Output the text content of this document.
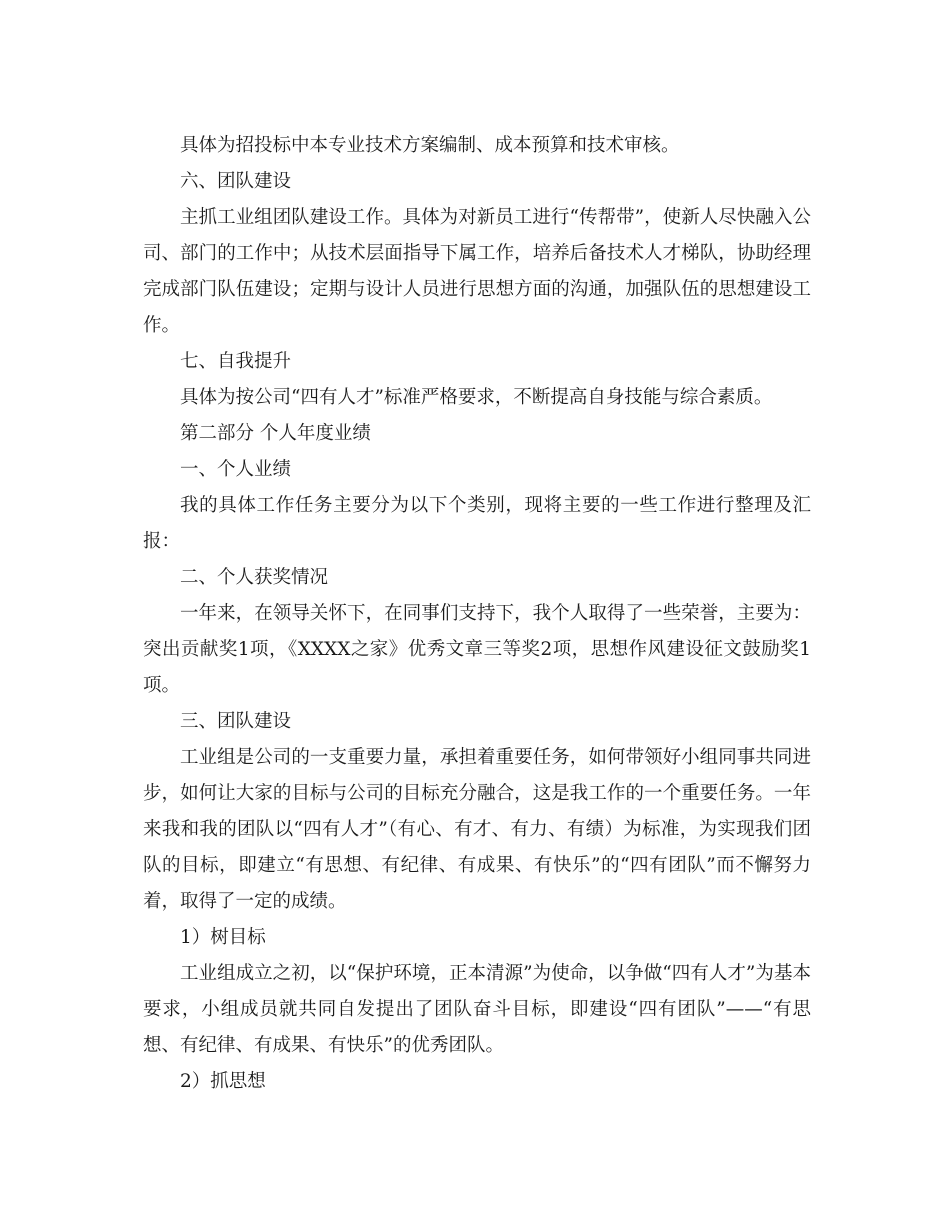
具体为招投标中本专业技术方案编制、成本预算和技术审核。

六、团队建设

主抓工业组团队建设工作。具体为对新员工进行“传帮带”，使新人尽快融入公司、部门的工作中；从技术层面指导下属工作，培养后备技术人才梯队，协助经理完成部门队伍建设；定期与设计人员进行思想方面的沟通，加强队伍的思想建设工作。

七、自我提升

具体为按公司“四有人才”标准严格要求，不断提高自身技能与综合素质。

第二部分 个人年度业绩

一、个人业绩

我的具体工作任务主要分为以下个类别，现将主要的一些工作进行整理及汇报：

二、个人获奖情况

一年来，在领导关怀下，在同事们支持下，我个人取得了一些荣誉，主要为：突出贡献奖1项，《XXXX之家》优秀文章三等奖2项，思想作风建设征文鼓励奖1项。

三、团队建设

工业组是公司的一支重要力量，承担着重要任务，如何带领好小组同事共同进步，如何让大家的目标与公司的目标充分融合，这是我工作的一个重要任务。一年来我和我的团队以“四有人才”（有心、有才、有力、有绩）为标准，为实现我们团队的目标，即建立“有思想、有纪律、有成果、有快乐”的“四有团队”而不懈努力着，取得了一定的成绩。

1）树目标

工业组成立之初，以“保护环境，正本清源”为使命，以争做“四有人才”为基本要求，小组成员就共同自发提出了团队奋斗目标，即建设“四有团队”——“有思想、有纪律、有成果、有快乐”的优秀团队。

2）抓思想
